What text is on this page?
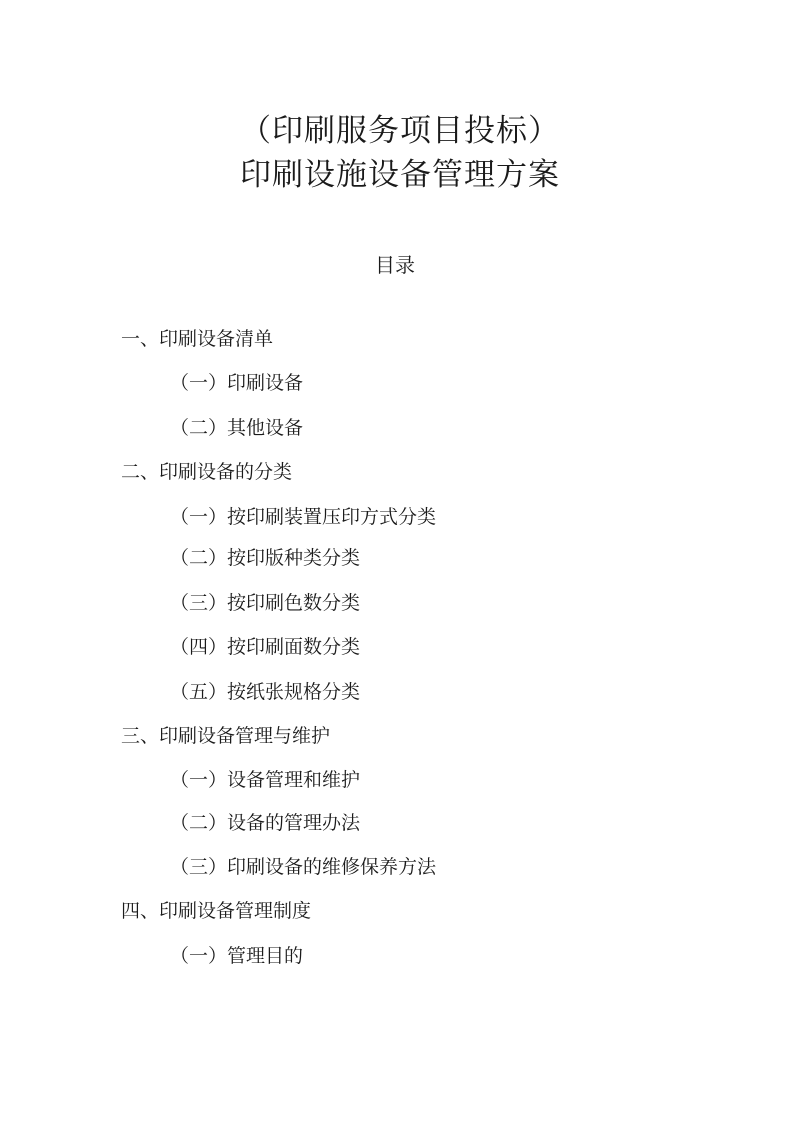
（印刷服务项目投标）
印刷设施设备管理方案
目录
一、印刷设备清单
（一）印刷设备
（二）其他设备
二、印刷设备的分类
（一）按印刷装置压印方式分类
（二）按印版种类分类
（三）按印刷色数分类
（四）按印刷面数分类
（五）按纸张规格分类
三、印刷设备管理与维护
（一）设备管理和维护
（二）设备的管理办法
（三）印刷设备的维修保养方法
四、印刷设备管理制度
（一）管理目的
